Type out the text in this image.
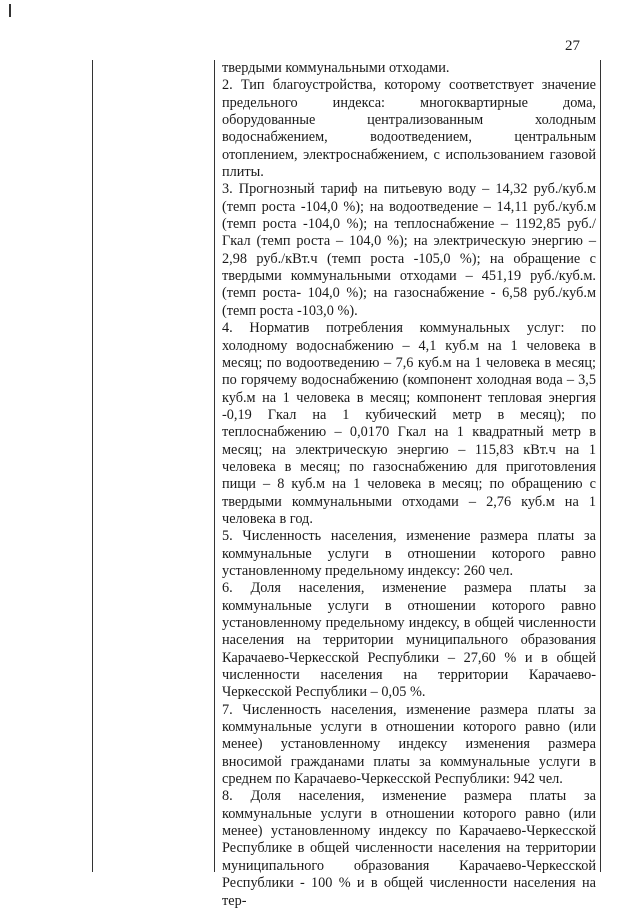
27

твердыми коммунальными отходами.

2. Тип благоустройства, которому соответствует значение предельного индекса: многоквартирные дома, оборудованные централизованным холодным водоснабжением, водоотведением, центральным отоплением, электроснабжением, с использованием газовой плиты.

3. Прогнозный тариф на питьевую воду – 14,32 руб./куб.м (темп роста -104,0 %); на водоотведение – 14,11 руб./куб.м (темп роста -104,0 %); на теплоснабжение – 1192,85 руб./Гкал (темп роста – 104,0 %); на электрическую энергию – 2,98 руб./кВт.ч (темп роста -105,0 %); на обращение с твердыми коммунальными отходами – 451,19 руб./куб.м. (темп роста- 104,0 %); на газоснабжение - 6,58 руб./куб.м (темп роста -103,0 %).

4. Норматив потребления коммунальных услуг: по холодному водоснабжению – 4,1 куб.м на 1 человека в месяц; по водоотведению – 7,6 куб.м на 1 человека в месяц; по горячему водоснабжению (компонент холодная вода – 3,5 куб.м на 1 человека в месяц; компонент тепловая энергия -0,19 Гкал на 1 кубический метр в месяц); по теплоснабжению – 0,0170 Гкал на 1 квадратный метр в месяц; на электрическую энергию – 115,83 кВт.ч на 1 человека в месяц; по газоснабжению для приготовления пищи – 8 куб.м на 1 человека в месяц; по обращению с твердыми коммунальными отходами – 2,76 куб.м на 1 человека в год.

5. Численность населения, изменение размера платы за коммунальные услуги в отношении которого равно установленному предельному индексу: 260 чел.

6. Доля населения, изменение размера платы за коммунальные услуги в отношении которого равно установленному предельному индексу, в общей численности населения на территории муниципального образования Карачаево-Черкесской Республики – 27,60 % и в общей численности населения на территории Карачаево-Черкесской Республики – 0,05 %.

7. Численность населения, изменение размера платы за коммунальные услуги в отношении которого равно (или менее) установленному индексу изменения размера вносимой гражданами платы за коммунальные услуги в среднем по Карачаево-Черкесской Республики: 942 чел.

8. Доля населения, изменение размера платы за коммунальные услуги в отношении которого равно (или менее) установленному индексу по Карачаево-Черкесской Республике в общей численности населения на территории муниципального образования Карачаево-Черкесской Республики - 100 % и в общей численности населения на тер-
